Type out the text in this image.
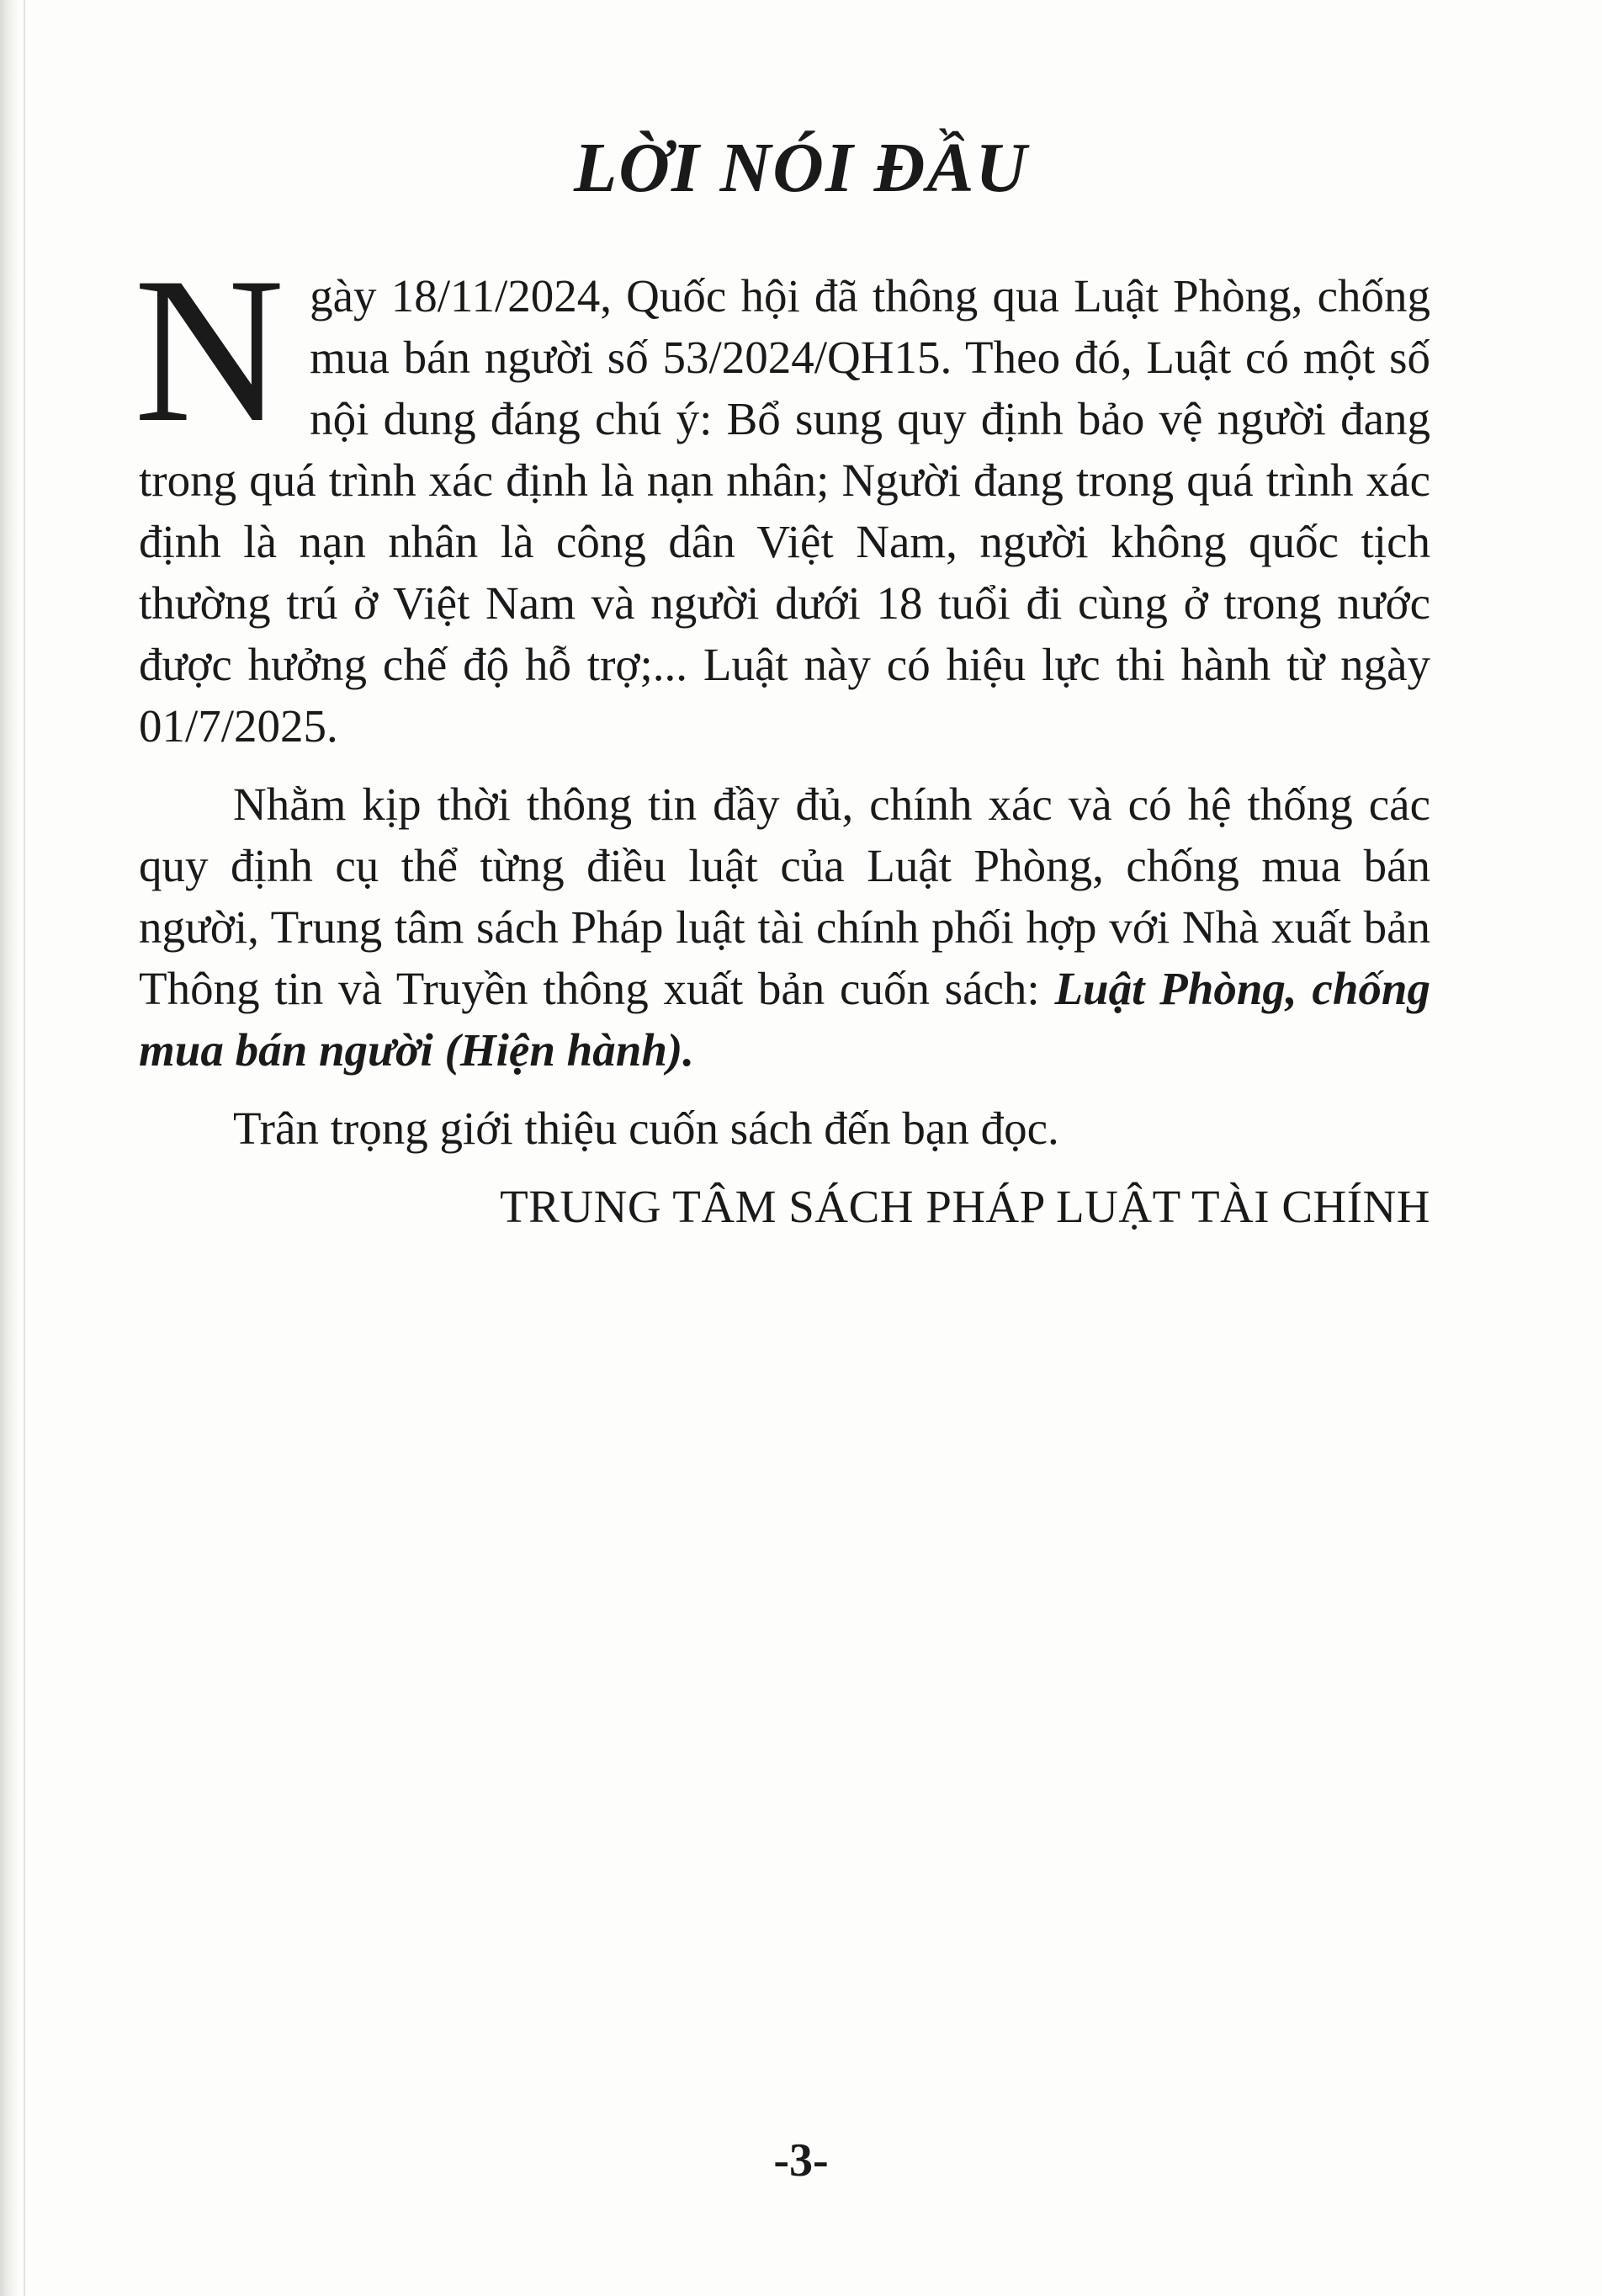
LỜI NÓI ĐẦU

Ngày 18/11/2024, Quốc hội đã thông qua Luật Phòng, chống mua bán người số 53/2024/QH15. Theo đó, Luật có một số nội dung đáng chú ý: Bổ sung quy định bảo vệ người đang trong quá trình xác định là nạn nhân; Người đang trong quá trình xác định là nạn nhân là công dân Việt Nam, người không quốc tịch thường trú ở Việt Nam và người dưới 18 tuổi đi cùng ở trong nước được hưởng chế độ hỗ trợ;... Luật này có hiệu lực thi hành từ ngày 01/7/2025.

Nhằm kịp thời thông tin đầy đủ, chính xác và có hệ thống các quy định cụ thể từng điều luật của Luật Phòng, chống mua bán người, Trung tâm sách Pháp luật tài chính phối hợp với Nhà xuất bản Thông tin và Truyền thông xuất bản cuốn sách: Luật Phòng, chống mua bán người (Hiện hành).

Trân trọng giới thiệu cuốn sách đến bạn đọc.

TRUNG TÂM SÁCH PHÁP LUẬT TÀI CHÍNH

-3-
